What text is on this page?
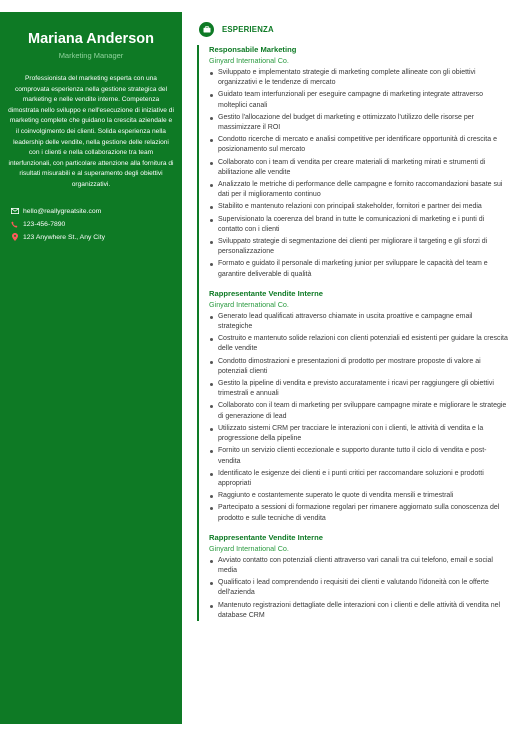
Mariana Anderson
Marketing Manager

Professionista del marketing esperta con una comprovata esperienza nella gestione strategica del marketing e nelle vendite interne. Competenza dimostrata nello sviluppo e nell'esecuzione di iniziative di marketing complete che guidano la crescita aziendale e il coinvolgimento dei clienti. Solida esperienza nella leadership delle vendite, nella gestione delle relazioni con i clienti e nella collaborazione tra team interfunzionali, con particolare attenzione alla fornitura di risultati misurabili e al superamento degli obiettivi organizzativi.

hello@reallygreatsite.com
123-456-7890
123 Anywhere St., Any City
ESPERIENZA
Responsabile Marketing
Ginyard International Co.
Sviluppato e implementato strategie di marketing complete allineate con gli obiettivi organizzativi e le tendenze di mercato
Guidato team interfunzionali per eseguire campagne di marketing integrate attraverso molteplici canali
Gestito l'allocazione del budget di marketing e ottimizzato l'utilizzo delle risorse per massimizzare il ROI
Condotto ricerche di mercato e analisi competitive per identificare opportunità di crescita e posizionamento sul mercato
Collaborato con i team di vendita per creare materiali di marketing mirati e strumenti di abilitazione alle vendite
Analizzato le metriche di performance delle campagne e fornito raccomandazioni basate sui dati per il miglioramento continuo
Stabilito e mantenuto relazioni con principali stakeholder, fornitori e partner dei media
Supervisionato la coerenza del brand in tutte le comunicazioni di marketing e i punti di contatto con i clienti
Sviluppato strategie di segmentazione dei clienti per migliorare il targeting e gli sforzi di personalizzazione
Formato e guidato il personale di marketing junior per sviluppare le capacità del team e garantire deliverable di qualità
Rappresentante Vendite Interne
Ginyard International Co.
Generato lead qualificati attraverso chiamate in uscita proattive e campagne email strategiche
Costruito e mantenuto solide relazioni con clienti potenziali ed esistenti per guidare la crescita delle vendite
Condotto dimostrazioni e presentazioni di prodotto per mostrare proposte di valore ai potenziali clienti
Gestito la pipeline di vendita e previsto accuratamente i ricavi per raggiungere gli obiettivi trimestrali e annuali
Collaborato con il team di marketing per sviluppare campagne mirate e migliorare le strategie di generazione di lead
Utilizzato sistemi CRM per tracciare le interazioni con i clienti, le attività di vendita e la progressione della pipeline
Fornito un servizio clienti eccezionale e supporto durante tutto il ciclo di vendita e post-vendita
Identificato le esigenze dei clienti e i punti critici per raccomandare soluzioni e prodotti appropriati
Raggiunto e costantemente superato le quote di vendita mensili e trimestrali
Partecipato a sessioni di formazione regolari per rimanere aggiornato sulla conoscenza del prodotto e sulle tecniche di vendita
Rappresentante Vendite Interne
Ginyard International Co.
Avviato contatto con potenziali clienti attraverso vari canali tra cui telefono, email e social media
Qualificato i lead comprendendo i requisiti dei clienti e valutando l'idoneità con le offerte dell'azienda
Mantenuto registrazioni dettagliate delle interazioni con i clienti e delle attività di vendita nel database CRM
